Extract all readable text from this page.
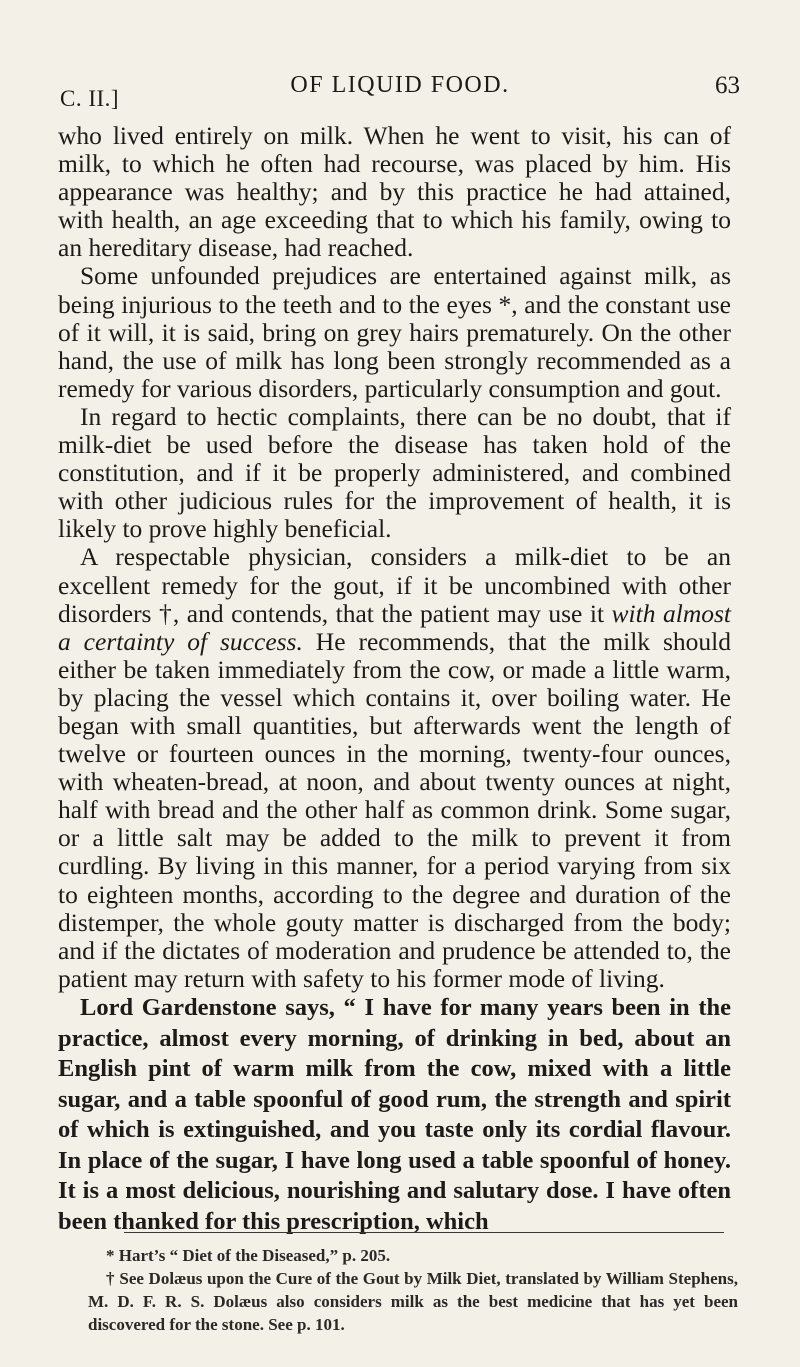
C. II.]
OF LIQUID FOOD.	63

who lived entirely on milk. When he went to visit, his can of milk, to which he often had recourse, was placed by him. His appearance was healthy; and by this practice he had attained, with health, an age exceeding that to which his family, owing to an hereditary disease, had reached.

Some unfounded prejudices are entertained against milk, as being injurious to the teeth and to the eyes *, and the constant use of it will, it is said, bring on grey hairs prematurely. On the other hand, the use of milk has long been strongly recommended as a remedy for various disorders, particularly consumption and gout.

In regard to hectic complaints, there can be no doubt, that if milk-diet be used before the disease has taken hold of the constitution, and if it be properly administered, and combined with other judicious rules for the improvement of health, it is likely to prove highly beneficial.

A respectable physician, considers a milk-diet to be an excellent remedy for the gout, if it be uncombined with other disorders †, and contends, that the patient may use it with almost a certainty of success. He recommends, that the milk should either be taken immediately from the cow, or made a little warm, by placing the vessel which contains it, over boiling water. He began with small quantities, but afterwards went the length of twelve or fourteen ounces in the morning, twenty-four ounces, with wheaten-bread, at noon, and about twenty ounces at night, half with bread and the other half as common drink. Some sugar, or a little salt may be added to the milk to prevent it from curdling. By living in this manner, for a period varying from six to eighteen months, according to the degree and duration of the distemper, the whole gouty matter is discharged from the body; and if the dictates of moderation and prudence be attended to, the patient may return with safety to his former mode of living.

Lord Gardenstone says, “ I have for many years been in the practice, almost every morning, of drinking in bed, about an English pint of warm milk from the cow, mixed with a little sugar, and a table spoonful of good rum, the strength and spirit of which is extinguished, and you taste only its cordial flavour. In place of the sugar, I have long used a table spoonful of honey. It is a most delicious, nourishing and salutary dose. I have often been thanked for this prescription, which

* Hart’s “ Diet of the Diseased,” p. 205.

† See Dolæus upon the Cure of the Gout by Milk Diet, translated by William Stephens, M. D. F. R. S. Dolæus also considers milk as the best medicine that has yet been discovered for the stone. See p. 101.
